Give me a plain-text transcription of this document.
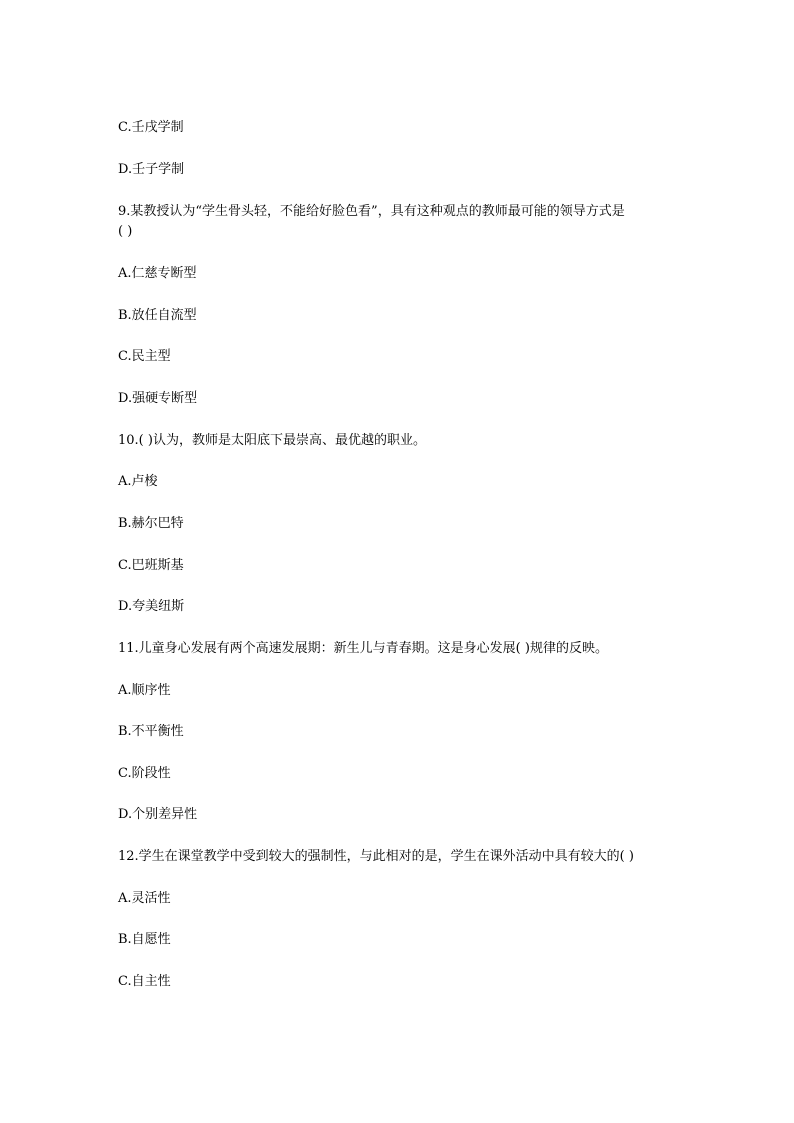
C.壬戌学制
D.壬子学制
9.某教授认为“学生骨头轻，不能给好脸色看”，具有这种观点的教师最可能的领导方式是
( )
A.仁慈专断型
B.放任自流型
C.民主型
D.强硬专断型
10.( )认为，教师是太阳底下最崇高、最优越的职业。
A.卢梭
B.赫尔巴特
C.巴班斯基
D.夸美纽斯
11.儿童身心发展有两个高速发展期：新生儿与青春期。这是身心发展( )规律的反映。
A.顺序性
B.不平衡性
C.阶段性
D.个别差异性
12.学生在课堂教学中受到较大的强制性，与此相对的是，学生在课外活动中具有较大的( )
A.灵活性
B.自愿性
C.自主性
